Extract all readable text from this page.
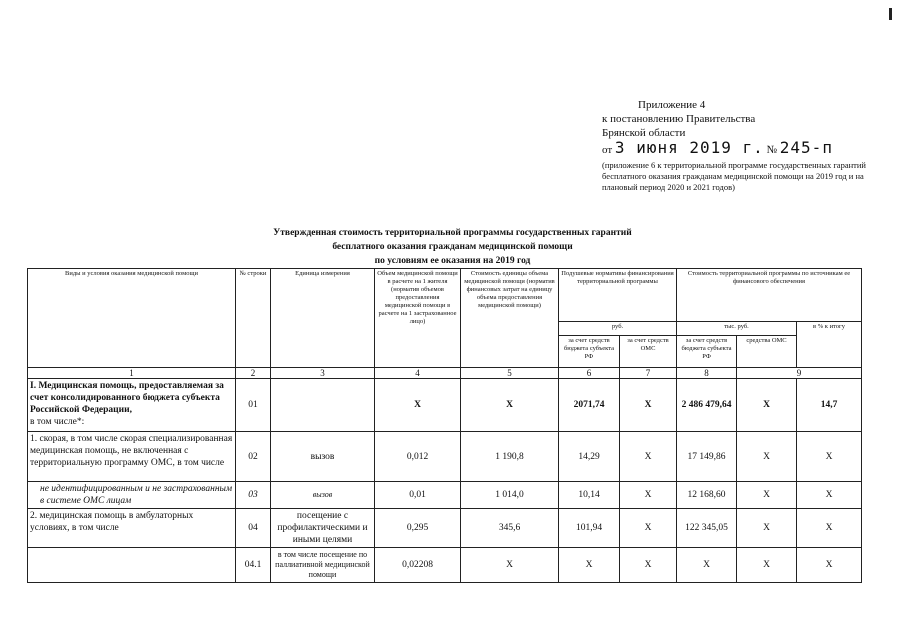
Приложение 4
к постановлению Правительства
Брянской области
от 3 июня 2019 г. № 245-п
(приложение 6 к территориальной программе государственных гарантий бесплатного оказания гражданам медицинской помощи на 2019 год и на плановый период 2020 и 2021 годов)
Утвержденная стоимость территориальной программы государственных гарантий
бесплатного оказания гражданам медицинской помощи
по условиям ее оказания на 2019 год
Виды и условия оказания медицинской помощи	№ строки	Единица измерения	Объем медицинской помощи в расчете на 1 жителя (норматив объемов предоставления медицинской помощи в расчете на 1 застрахованное лицо)	Стоимость единицы объема медицинской помощи (норматив финансовых затрат на единицу объема предоставления медицинской помощи)	Подушевые нормативы финансирования территориальной программы		Стоимость территориальной программы по источникам ее финансового обеспечения		
					руб.		тыс. руб.		в % к итогу
					за счет средств бюджета субъекта РФ	за счет средств ОМС	за счет средств бюджета субъекта РФ	средства ОМС	
1	2	3	4	5	6	7	8	9	
I. Медицинская помощь, предоставляемая за счет консолидированного бюджета субъекта Российской Федерации,
в том числе*:	01		Х	Х	2071,74	Х	2 486 479,64	Х	14,7
1. скорая, в том числе скорая специализированная медицинская помощь, не включенная с территориальную программу ОМС, в том числе	02	вызов	0,012	1 190,8	14,29	Х	17 149,86	Х	Х
не идентифицированным и не застрахованным в системе ОМС лицам	03	вызов	0,01	1 014,0	10,14	Х	12 168,60	Х	Х
2. медицинская помощь в амбулаторных условиях, в том числе	04	посещение с профилактическими и иными целями	0,295	345,6	101,94	Х	122 345,05	Х	Х
	04.1	в том числе посещение по паллиативной медицинской помощи	0,02208	Х	Х	Х	Х	Х	Х
